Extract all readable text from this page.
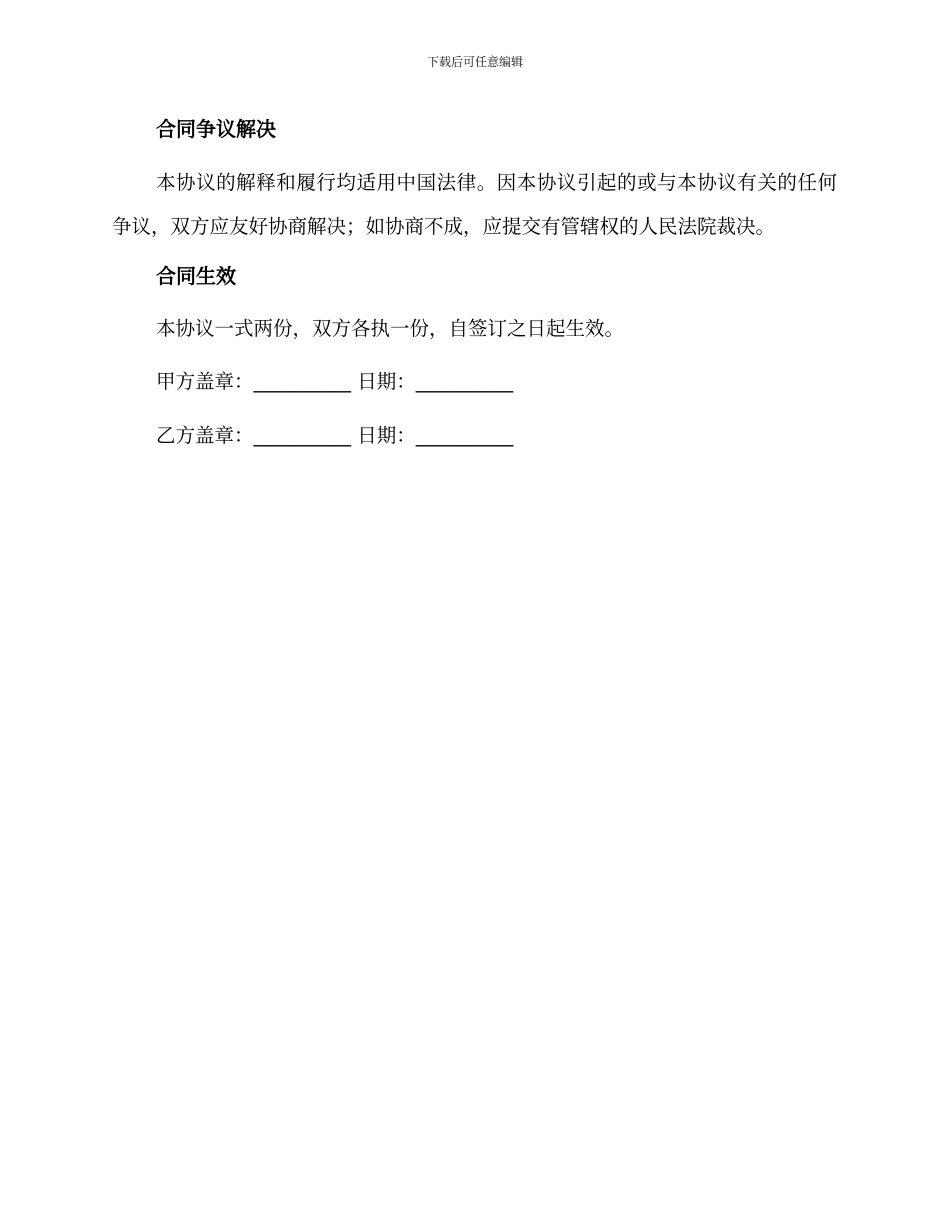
下载后可任意编辑
合同争议解决

本协议的解释和履行均适用中国法律。因本协议引起的或与本协议有关的任何争议，双方应友好协商解决；如协商不成，应提交有管辖权的人民法院裁决。

合同生效

本协议一式两份，双方各执一份，自签订之日起生效。

甲方盖章：__________ 日期：__________
乙方盖章：__________ 日期：__________
